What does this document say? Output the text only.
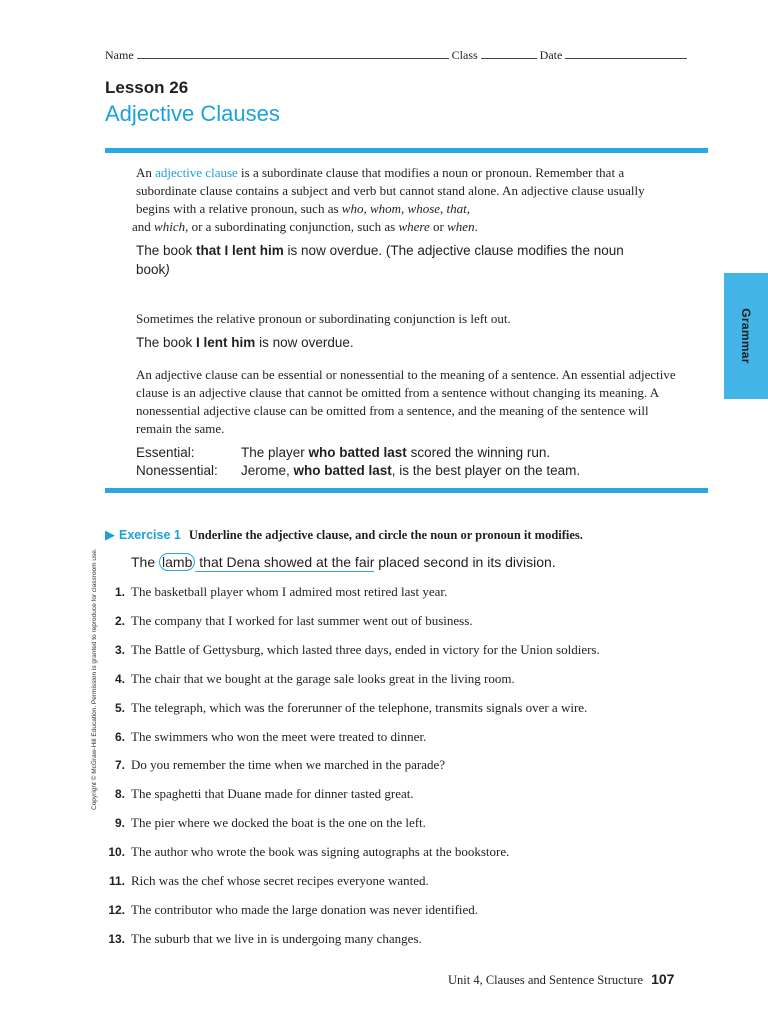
Name	Class	Date
Lesson 26
Adjective Clauses
An adjective clause is a subordinate clause that modifies a noun or pronoun. Remember that a subordinate clause contains a subject and verb but cannot stand alone. An adjective clause usually begins with a relative pronoun, such as who, whom, whose, that,
and which, or a subordinating conjunction, such as where or when.
The book that I lent him is now overdue. (The adjective clause modifies the noun book)
Sometimes the relative pronoun or subordinating conjunction is left out.
The book I lent him is now overdue.
An adjective clause can be essential or nonessential to the meaning of a sentence. An essential adjective clause is an adjective clause that cannot be omitted from a sentence without changing its meaning. A nonessential adjective clause can be omitted from a sentence, and the meaning of the sentence will remain the same.
Essential:	The player who batted last scored the winning run.
Nonessential: Jerome, who batted last, is the best player on the team.
Grammar
Copyright © McGraw-Hill Education. Permission is granted to reproduce for classroom use.
▶ Exercise 1 Underline the adjective clause, and circle the noun or pronoun it modifies.
The lamb that Dena showed at the fair placed second in its division.
1. The basketball player whom I admired most retired last year.
2. The company that I worked for last summer went out of business.
3. The Battle of Gettysburg, which lasted three days, ended in victory for the Union soldiers.
4. The chair that we bought at the garage sale looks great in the living room.
5. The telegraph, which was the forerunner of the telephone, transmits signals over a wire.
6. The swimmers who won the meet were treated to dinner.
7. Do you remember the time when we marched in the parade?
8. The spaghetti that Duane made for dinner tasted great.
9. The pier where we docked the boat is the one on the left.
10. The author who wrote the book was signing autographs at the bookstore.
11. Rich was the chef whose secret recipes everyone wanted.
12. The contributor who made the large donation was never identified.
13. The suburb that we live in is undergoing many changes.
Unit 4, Clauses and Sentence Structure 107
